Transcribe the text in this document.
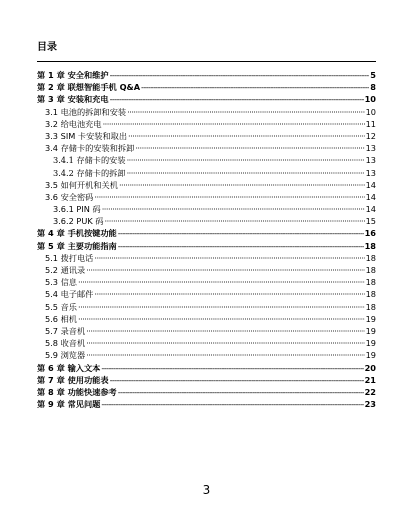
目录
第 1 章 安全和维护 -----	5
第 2 章 联想智能手机 Q&A -----	8
第 3 章 安装和充电 -----	10
3.1 电池的拆卸和安装 ·····	10
3.2 给电池充电 ·····	11
3.3 SIM 卡安装和取出 ·····	12
3.4 存储卡的安装和拆卸 ·····	13
3.4.1 存储卡的安装 ·····	13
3.4.2 存储卡的拆卸 ·····	13
3.5 如何开机和关机 ·····	14
3.6 安全密码 ·····	14
3.6.1 PIN 码 ·····	14
3.6.2 PUK 码 ·····	15
第 4 章 手机按键功能 -----	16
第 5 章 主要功能指南 -----	18
5.1 拨打电话 ·····	18
5.2 通讯录 ·····	18
5.3 信息 ·····	18
5.4 电子邮件 ·····	18
5.5 音乐 ·····	18
5.6 相机 ·····	19
5.7 录音机 ·····	19
5.8 收音机 ·····	19
5.9 浏览器 ·····	19
第 6 章 输入文本 -----	20
第 7 章 使用功能表 -----	21
第 8 章 功能快速参考 -----	22
第 9 章 常见问题 -----	23
3
